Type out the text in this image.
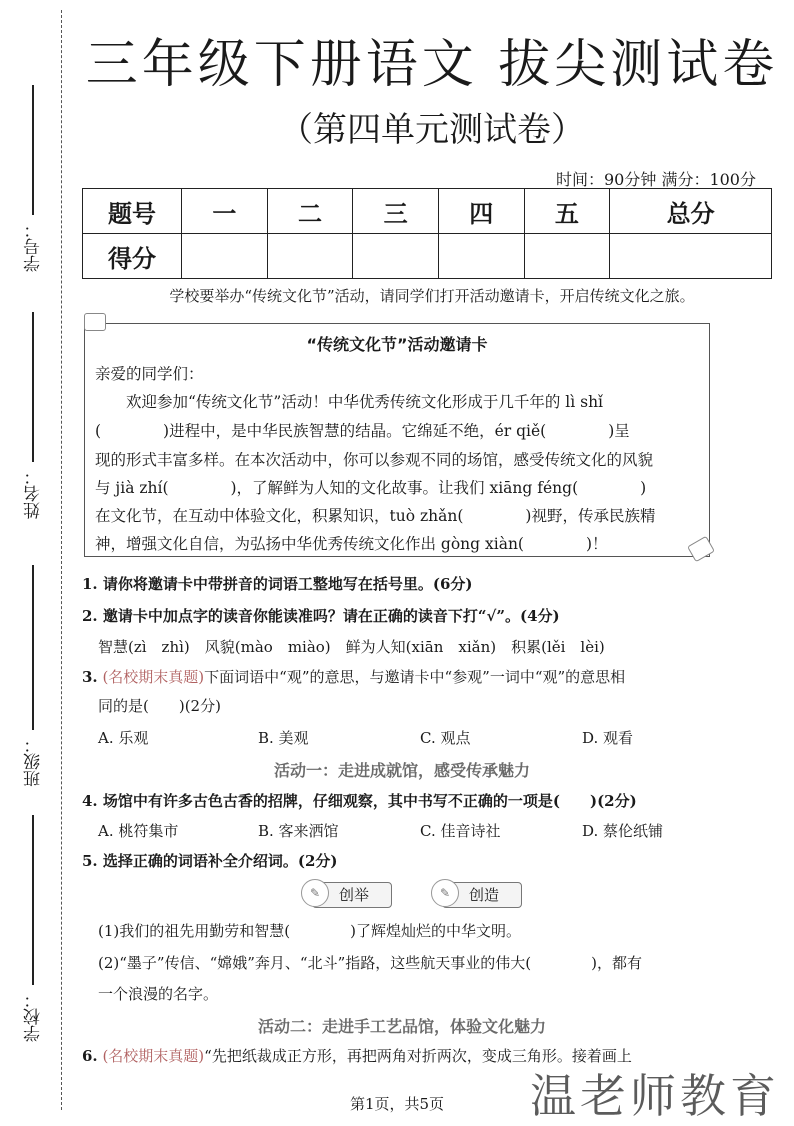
学号：
姓名：
班级：
学校：
三年级下册语文 拔尖测试卷
（第四单元测试卷）
时间：90分钟 满分：100分
题号	一	二	三	四	五	总分
得分						
学校要举办“传统文化节”活动，请同学们打开活动邀请卡，开启传统文化之旅。
“传统文化节”活动邀请卡
亲爱的同学们：
　　欢迎参加“传统文化节”活动！中华优秀传统文化形成于几千年的 lì shǐ
(　　　　)进程中，是中华民族智慧的结晶。它绵延不绝，ér qiě(　　　　)呈
现的形式丰富多样。在本次活动中，你可以参观不同的场馆，感受传统文化的风貌
与 jià zhí(　　　　)，了解鲜为人知的文化故事。让我们 xiāng féng(　　　　)
在文化节，在互动中体验文化，积累知识，tuò zhǎn(　　　　)视野，传承民族精
神，增强文化自信，为弘扬中华优秀传统文化作出 gòng xiàn(　　　　)！
1. 请你将邀请卡中带拼音的词语工整地写在括号里。(6分)
2. 邀请卡中加点字的读音你能读准吗？请在正确的读音下打“√”。(4分)
智慧(zì　zhì)　风貌(mào　miào)　鲜为人知(xiān　xiǎn)　积累(lěi　lèi)
3. (名校期末真题)下面词语中“观”的意思，与邀请卡中“参观”一词中“观”的意思相
同的是(　　)(2分)
A. 乐观	B. 美观	C. 观点	D. 观看
活动一：走进成就馆，感受传承魅力
4. 场馆中有许多古色古香的招牌，仔细观察，其中书写不正确的一项是(　　)(2分)
A. 桃符集市	B. 客来洒馆	C. 佳音诗社	D. 蔡伦纸铺
5. 选择正确的词语补全介绍词。(2分)
✎	创举	✎	创造
(1)我们的祖先用勤劳和智慧(　　　　)了辉煌灿烂的中华文明。
(2)“墨子”传信、“嫦娥”奔月、“北斗”指路，这些航天事业的伟大(　　　　)，都有
一个浪漫的名字。
活动二：走进手工艺品馆，体验文化魅力
6. (名校期末真题)“先把纸裁成正方形，再把两角对折两次，变成三角形。接着画上
第1页，共5页	温老师教育
